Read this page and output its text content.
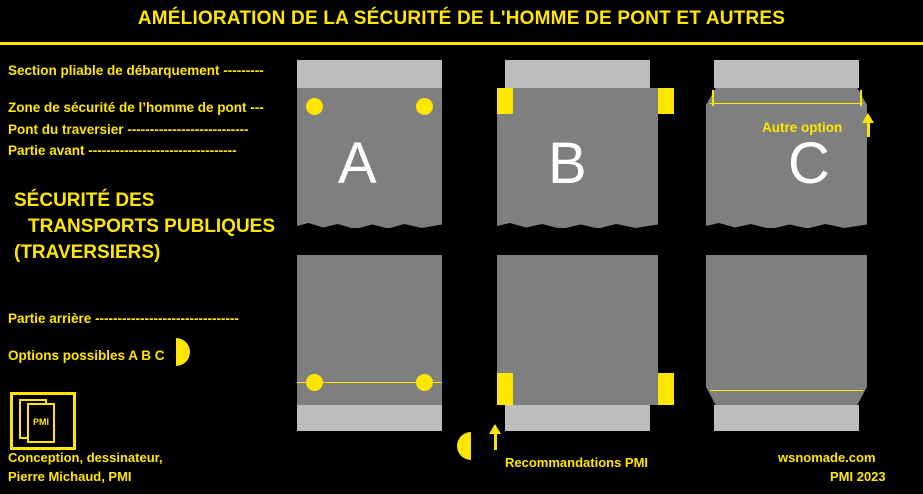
AMÉLIORATION DE LA SÉCURITÉ DE L'HOMME DE PONT ET AUTRES
Section pliable de débarquement ---------
Zone de sécurité de l’homme de pont ---
Pont du traversier ---------------------------
Partie avant ---------------------------------
SÉCURITÉ DES
TRANSPORTS PUBLIQUES
(TRAVERSIERS)
Partie arrière --------------------------------
Options possibles A B C
PMI
Conception, dessinateur,
Pierre Michaud, PMI
A	B
Recommandations PMI
C
Autre option
wsnomade.com
PMI 2023
